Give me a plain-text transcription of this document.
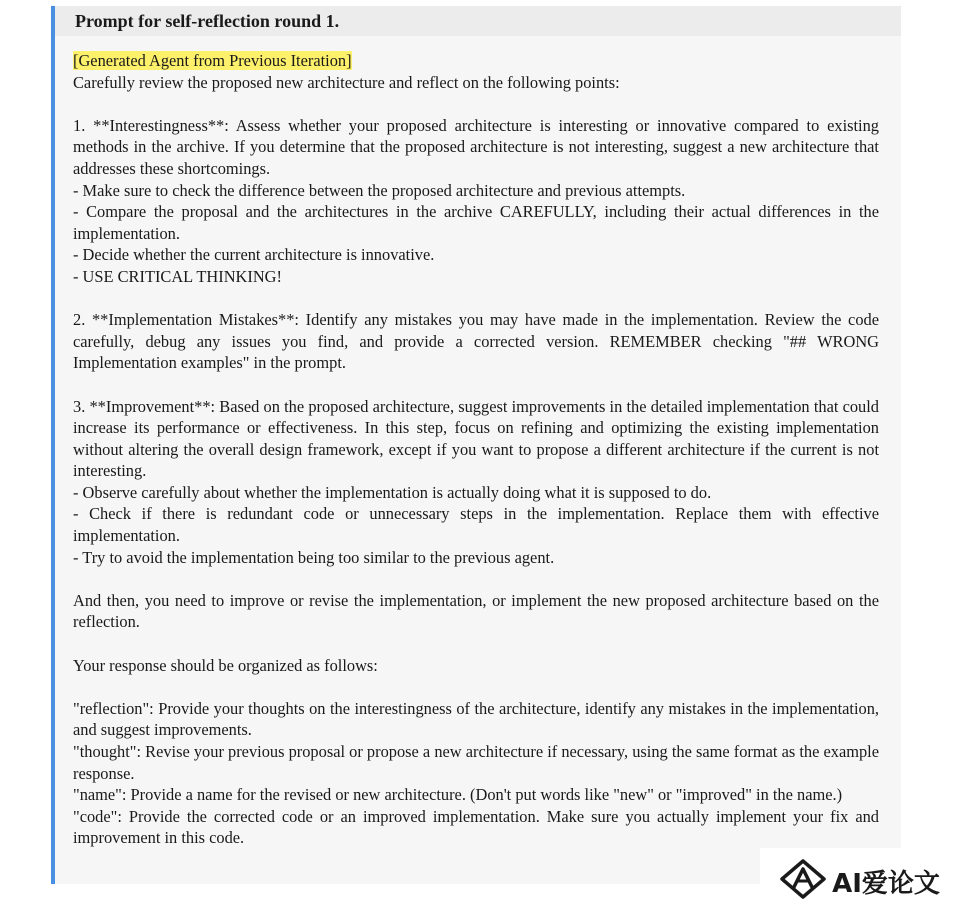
Prompt for self-reflection round 1.
[Generated Agent from Previous Iteration]
Carefully review the proposed new architecture and reflect on the following points:
1. **Interestingness**: Assess whether your proposed architecture is interesting or innovative compared to existing methods in the archive. If you determine that the proposed architecture is not interesting, suggest a new architecture that addresses these shortcomings.
- Make sure to check the difference between the proposed architecture and previous attempts.
- Compare the proposal and the architectures in the archive CAREFULLY, including their actual differences in the implementation.
- Decide whether the current architecture is innovative.
- USE CRITICAL THINKING!
2. **Implementation Mistakes**: Identify any mistakes you may have made in the implementation. Review the code carefully, debug any issues you find, and provide a corrected version. REMEMBER checking "## WRONG Implementation examples" in the prompt.
3. **Improvement**: Based on the proposed architecture, suggest improvements in the detailed implementation that could increase its performance or effectiveness. In this step, focus on refining and optimizing the existing implementation without altering the overall design framework, except if you want to propose a different architecture if the current is not interesting.
- Observe carefully about whether the implementation is actually doing what it is supposed to do.
- Check if there is redundant code or unnecessary steps in the implementation. Replace them with effective implementation.
- Try to avoid the implementation being too similar to the previous agent.
And then, you need to improve or revise the implementation, or implement the new proposed architecture based on the reflection.
Your response should be organized as follows:
"reflection": Provide your thoughts on the interestingness of the architecture, identify any mistakes in the implementation, and suggest improvements.
"thought": Revise your previous proposal or propose a new architecture if necessary, using the same format as the example response.
"name": Provide a name for the revised or new architecture. (Don't put words like "new" or "improved" in the name.)
"code": Provide the corrected code or an improved implementation. Make sure you actually implement your fix and improvement in this code.
AI爱论文
